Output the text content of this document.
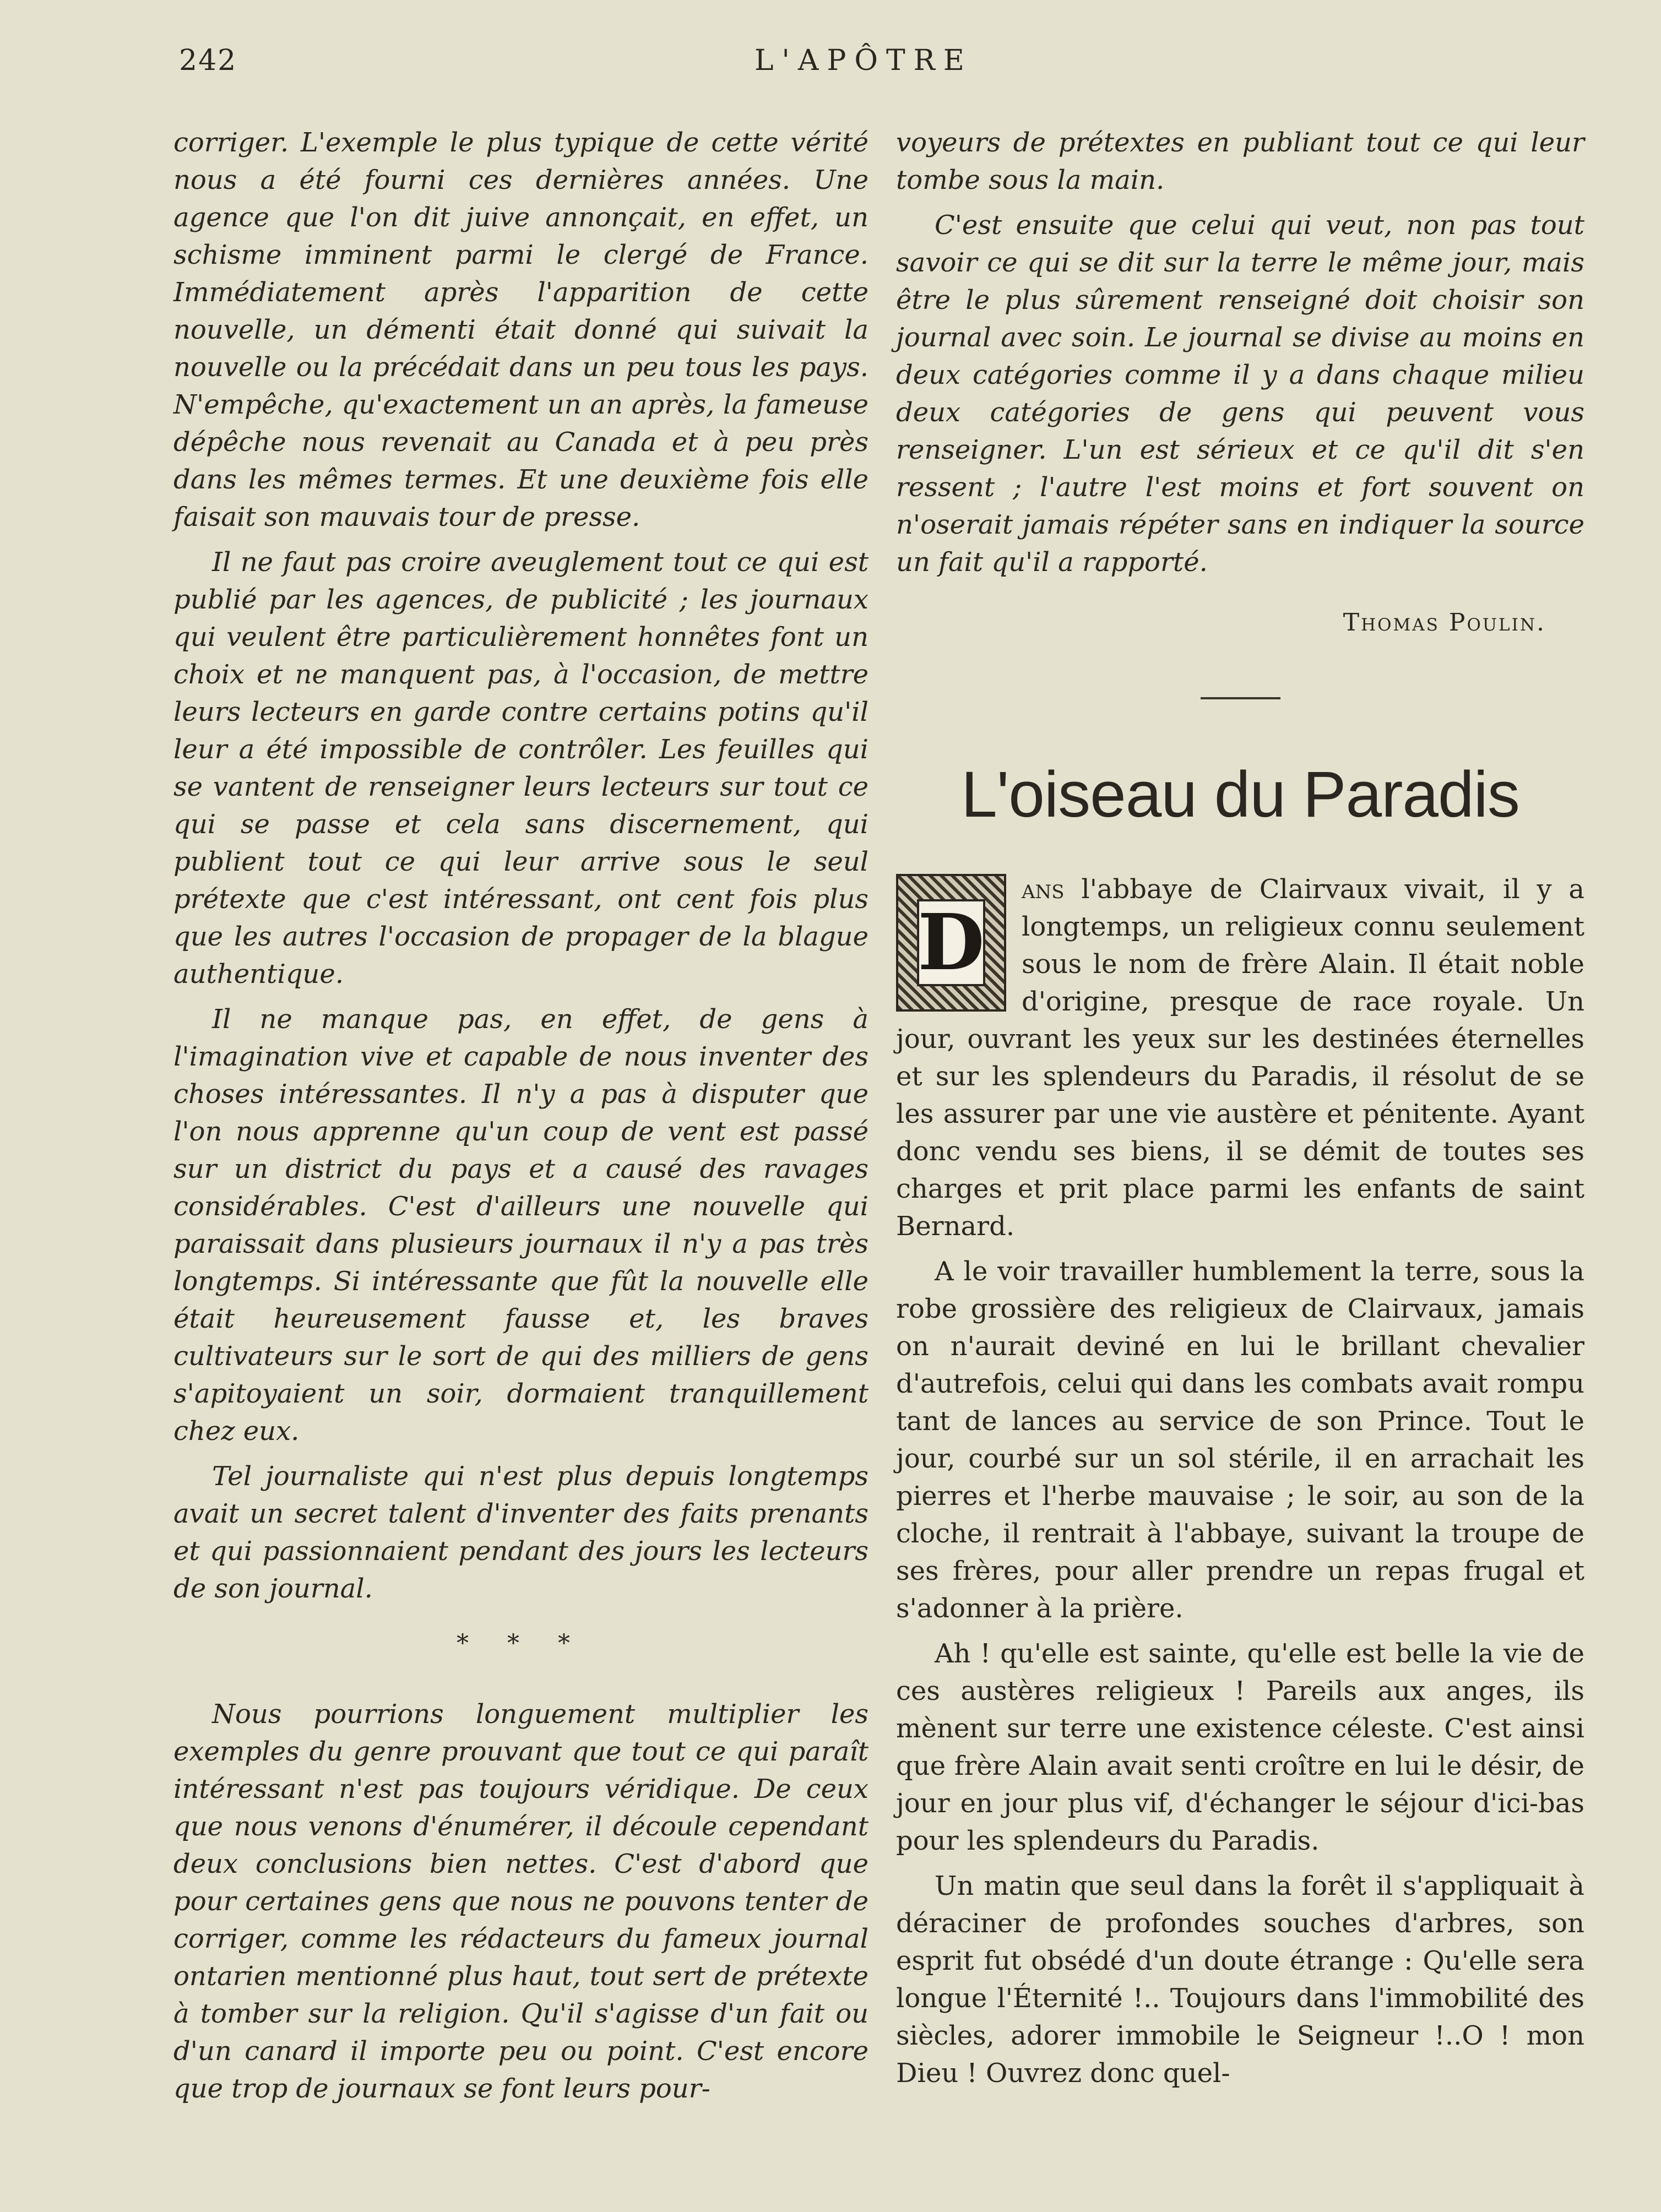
242	L'APÔTRE

corriger. L'exemple le plus typique de cette vérité nous a été fourni ces dernières années. Une agence que l'on dit juive annonçait, en effet, un schisme imminent parmi le clergé de France. Immédiatement après l'apparition de cette nouvelle, un démenti était donné qui suivait la nouvelle ou la précédait dans un peu tous les pays. N'empêche, qu'exactement un an après, la fameuse dépêche nous revenait au Canada et à peu près dans les mêmes termes. Et une deuxième fois elle faisait son mauvais tour de presse.

Il ne faut pas croire aveuglement tout ce qui est publié par les agences, de publicité ; les journaux qui veulent être particulièrement honnêtes font un choix et ne manquent pas, à l'occasion, de mettre leurs lecteurs en garde contre certains potins qu'il leur a été impossible de contrôler. Les feuilles qui se vantent de renseigner leurs lecteurs sur tout ce qui se passe et cela sans discernement, qui publient tout ce qui leur arrive sous le seul prétexte que c'est intéressant, ont cent fois plus que les autres l'occasion de propager de la blague authentique.

Il ne manque pas, en effet, de gens à l'imagination vive et capable de nous inventer des choses intéressantes. Il n'y a pas à disputer que l'on nous apprenne qu'un coup de vent est passé sur un district du pays et a causé des ravages considérables. C'est d'ailleurs une nouvelle qui paraissait dans plusieurs journaux il n'y a pas très longtemps. Si intéressante que fût la nouvelle elle était heureusement fausse et, les braves cultivateurs sur le sort de qui des milliers de gens s'apitoyaient un soir, dormaient tranquillement chez eux.

Tel journaliste qui n'est plus depuis longtemps avait un secret talent d'inventer des faits prenants et qui passionnaient pendant des jours les lecteurs de son journal.

* * *

Nous pourrions longuement multiplier les exemples du genre prouvant que tout ce qui paraît intéressant n'est pas toujours véridique. De ceux que nous venons d'énumérer, il découle cependant deux conclusions bien nettes. C'est d'abord que pour certaines gens que nous ne pouvons tenter de corriger, comme les rédacteurs du fameux journal ontarien mentionné plus haut, tout sert de prétexte à tomber sur la religion. Qu'il s'agisse d'un fait ou d'un canard il importe peu ou point. C'est encore que trop de journaux se font leurs pour-

voyeurs de prétextes en publiant tout ce qui leur tombe sous la main.

C'est ensuite que celui qui veut, non pas tout savoir ce qui se dit sur la terre le même jour, mais être le plus sûrement renseigné doit choisir son journal avec soin. Le journal se divise au moins en deux catégories comme il y a dans chaque milieu deux catégories de gens qui peuvent vous renseigner. L'un est sérieux et ce qu'il dit s'en ressent ; l'autre l'est moins et fort souvent on n'oserait jamais répéter sans en indiquer la source un fait qu'il a rapporté.

Thomas Poulin.
L'oiseau du Paradis

D
ans l'abbaye de Clairvaux vivait, il y a longtemps, un religieux connu seulement sous le nom de frère Alain. Il était noble d'origine, presque de race royale. Un jour, ouvrant les yeux sur les destinées éternelles et sur les splendeurs du Paradis, il résolut de se les assurer par une vie austère et pénitente. Ayant donc vendu ses biens, il se démit de toutes ses charges et prit place parmi les enfants de saint Bernard.

A le voir travailler humblement la terre, sous la robe grossière des religieux de Clairvaux, jamais on n'aurait deviné en lui le brillant chevalier d'autrefois, celui qui dans les combats avait rompu tant de lances au service de son Prince. Tout le jour, courbé sur un sol stérile, il en arrachait les pierres et l'herbe mauvaise ; le soir, au son de la cloche, il rentrait à l'abbaye, suivant la troupe de ses frères, pour aller prendre un repas frugal et s'adonner à la prière.

Ah ! qu'elle est sainte, qu'elle est belle la vie de ces austères religieux ! Pareils aux anges, ils mènent sur terre une existence céleste. C'est ainsi que frère Alain avait senti croître en lui le désir, de jour en jour plus vif, d'échanger le séjour d'ici-bas pour les splendeurs du Paradis.

Un matin que seul dans la forêt il s'appliquait à déraciner de profondes souches d'arbres, son esprit fut obsédé d'un doute étrange : Qu'elle sera longue l'Éternité !.. Toujours dans l'immobilité des siècles, adorer immobile le Seigneur !..O ! mon Dieu ! Ouvrez donc quel-
